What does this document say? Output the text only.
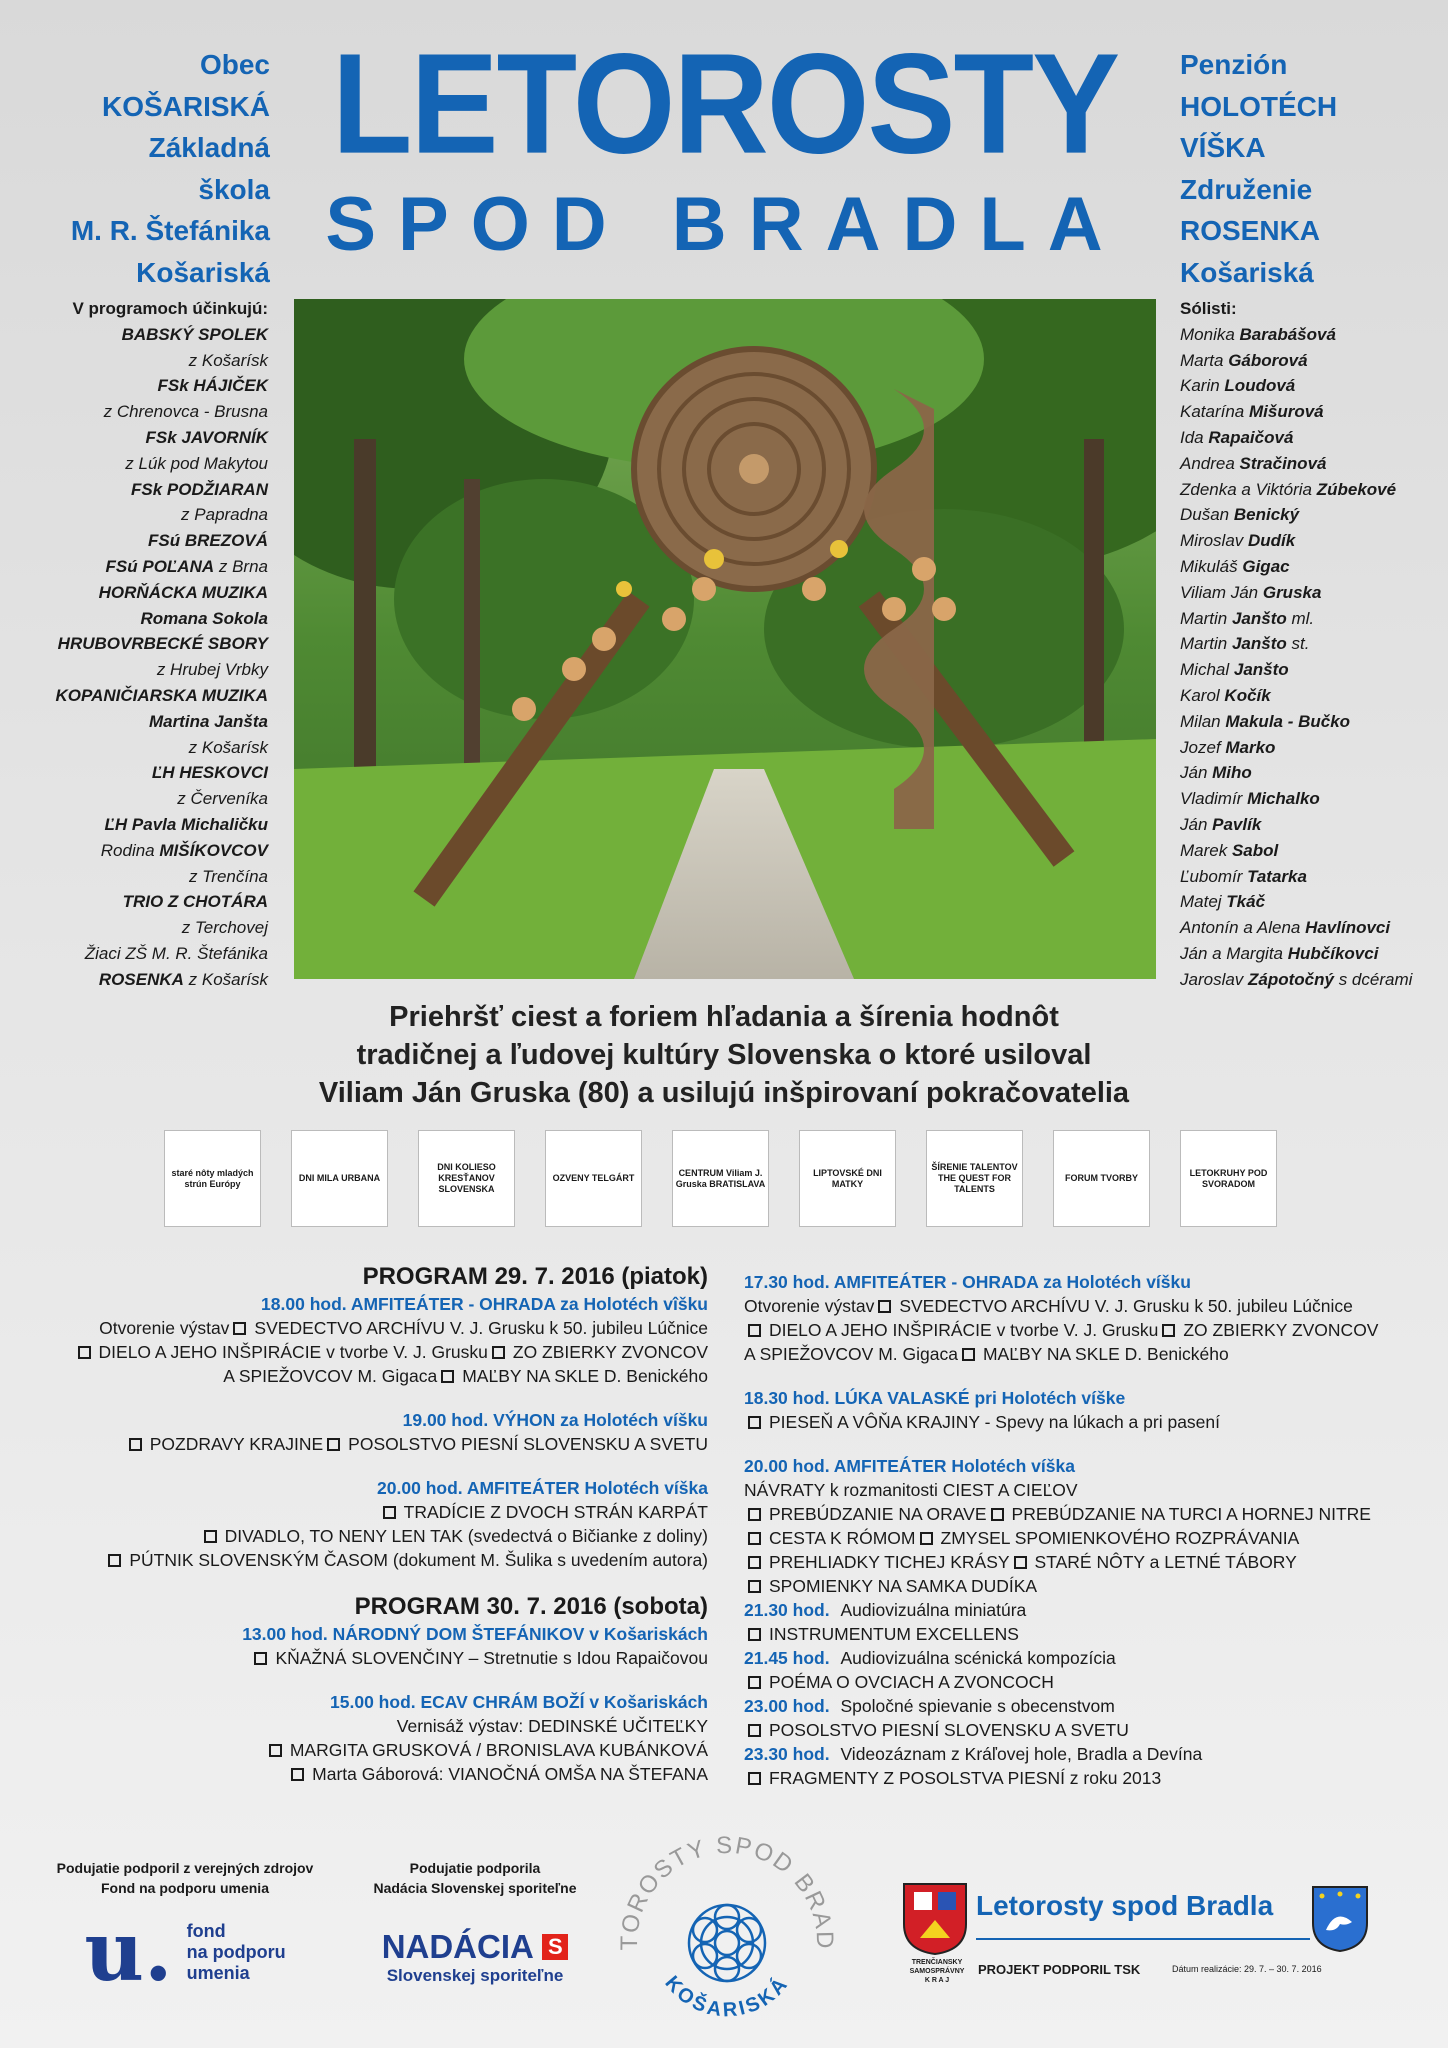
Obec
KOŠARISKÁ
Základná
škola
M. R. Štefánika
Košariská
Penzión
HOLOTÉCH
VÍŠKA
Združenie
ROSENKA
Košariská
LETOROSTY
SPOD BRADLA
V programoch účinkujú:
BABSKÝ SPOLEK
z Košarísk
FSk HÁJIČEK
z Chrenovca - Brusna
FSk JAVORNÍK
z Lúk pod Makytou
FSk PODŽIARAN
z Papradna
FSú BREZOVÁ
FSú POĽANA z Brna
HORŇÁCKA MUZIKA
Romana Sokola
HRUBOVRBECKÉ SBORY
z Hrubej Vrbky
KOPANIČIARSKA MUZIKA
Martina Janšta
z Košarísk
ĽH HESKOVCI
z Červeníka
ĽH Pavla Michaličku
Rodina MIŠÍKOVCOV
z Trenčína
TRIO Z CHOTÁRA
z Terchovej
Žiaci ZŠ M. R. Štefánika
ROSENKA z Košarísk
Sólisti:
Monika Barabášová
Marta Gáborová
Karin Loudová
Katarína Mišurová
Ida Rapaičová
Andrea Stračinová
Zdenka a Viktória Zúbekové
Dušan Benický
Miroslav Dudík
Mikuláš Gigac
Viliam Ján Gruska
Martin Janšto ml.
Martin Janšto st.
Michal Janšto
Karol Kočík
Milan Makula - Bučko
Jozef Marko
Ján Miho
Vladimír Michalko
Ján Pavlík
Marek Sabol
Ľubomír Tatarka
Matej Tkáč
Antonín a Alena Havlínovci
Ján a Margita Hubčíkovci
Jaroslav Zápotočný s dcérami
Priehršť ciest a foriem hľadania a šírenia hodnôt
tradičnej a ľudovej kultúry Slovenska o ktoré usiloval
Viliam Ján Gruska (80) a usilujú inšpirovaní pokračovatelia
staré nôty mladých strún Európy
DNI MILA URBANA
DNI KOLIESO KRESŤANOV SLOVENSKA
OZVENY TELGÁRT
CENTRUM Viliam J. Gruska BRATISLAVA
LIPTOVSKÉ DNI MATKY
ŠÍRENIE TALENTOV THE QUEST FOR TALENTS
FORUM TVORBY
LETOKRUHY POD SVORADOM
PROGRAM 29. 7. 2016 (piatok)
18.00 hod. AMFITEÁTER - OHRADA za Holotéch vîšku
Otvorenie výstav SVEDECTVO ARCHÍVU V. J. Grusku k 50. jubileu Lúčnice
DIELO A JEHO INŠPIRÁCIE v tvorbe V. J. Grusku ZO ZBIERKY ZVONCOV
A SPIEŽOVCOV M. Gigaca MAĽBY NA SKLE D. Benického
19.00 hod. VÝHON za Holotéch víšku
POZDRAVY KRAJINE POSOLSTVO PIESNÍ SLOVENSKU A SVETU
20.00 hod. AMFITEÁTER Holotéch víška
TRADÍCIE Z DVOCH STRÁN KARPÁT
DIVADLO, TO NENY LEN TAK (svedectvá o Bičianke z doliny)
PÚTNIK SLOVENSKÝM ČASOM (dokument M. Šulika s uvedením autora)
PROGRAM 30. 7. 2016 (sobota)
13.00 hod. NÁRODNÝ DOM ŠTEFÁNIKOV v Košariskách
KŇAŽNÁ SLOVENČINY – Stretnutie s Idou Rapaičovou
15.00 hod. ECAV CHRÁM BOŽÍ v Košariskách
Vernisáž výstav: DEDINSKÉ UČITEĽKY
MARGITA GRUSKOVÁ / BRONISLAVA KUBÁNKOVÁ
Marta Gáborová: VIANOČNÁ OMŠA NA ŠTEFANA
17.30 hod. AMFITEÁTER - OHRADA za Holotéch víšku
Otvorenie výstav SVEDECTVO ARCHÍVU V. J. Grusku k 50. jubileu Lúčnice
DIELO A JEHO INŠPIRÁCIE v tvorbe V. J. Grusku ZO ZBIERKY ZVONCOV
A SPIEŽOVCOV M. Gigaca MAĽBY NA SKLE D. Benického
18.30 hod. LÚKA VALASKÉ pri Holotéch víške
PIESEŇ A VÔŇA KRAJINY - Spevy na lúkach a pri pasení
20.00 hod. AMFITEÁTER Holotéch víška
NÁVRATY k rozmanitosti CIEST A CIEĽOV
PREBÚDZANIE NA ORAVE PREBÚDZANIE NA TURCI A HORNEJ NITRE
CESTA K RÓMOM ZMYSEL SPOMIENKOVÉHO ROZPRÁVANIA
PREHLIADKY TICHEJ KRÁSY STARÉ NÔTY a LETNÉ TÁBORY
SPOMIENKY NA SAMKA DUDÍKA
21.30 hod. Audiovizuálna miniatúra
INSTRUMENTUM EXCELLENS
21.45 hod. Audiovizuálna scénická kompozícia
POÉMA O OVCIACH A ZVONCOCH
23.00 hod. Spoločné spievanie s obecenstvom
POSOLSTVO PIESNÍ SLOVENSKU A SVETU
23.30 hod. Videozáznam z Kráľovej hole, Bradla a Devína
FRAGMENTY Z POSOLSTVA PIESNÍ z roku 2013
Podujatie podporil z verejných zdrojov
Fond na podporu umenia
u. fond
na podporu
umenia
Podujatie podporila
Nadácia Slovenskej sporiteľne
NADÁCIA S
Slovenskej sporiteľne
TOROSTY SPOD BRAD
KOŠARISKÁ
TRENČIANSKY
SAMOSPRÁVNY
K R A J
Letorosty spod Bradla
PROJEKT PODPORIL TSK	Dátum realizácie: 29. 7. – 30. 7. 2016
